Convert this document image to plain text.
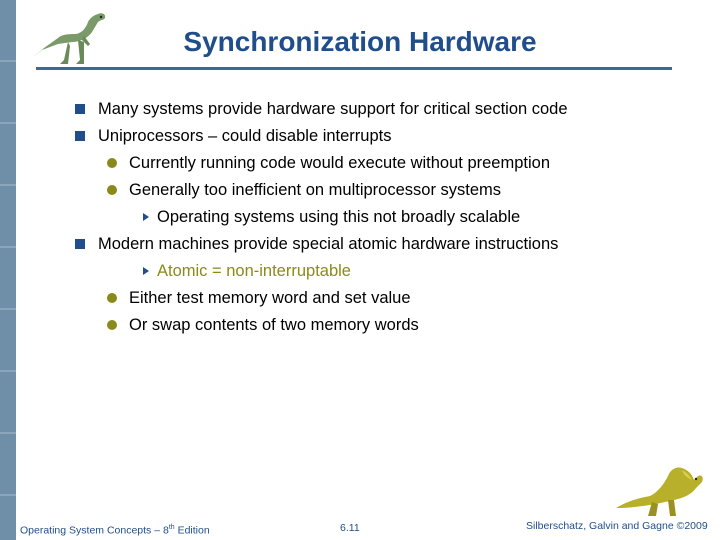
Synchronization Hardware
Many systems provide hardware support for critical section code
Uniprocessors – could disable interrupts
Currently running code would execute without preemption
Generally too inefficient on multiprocessor systems
Operating systems using this not broadly scalable
Modern machines provide special atomic hardware instructions
Atomic = non-interruptable
Either test memory word and set value
Or swap contents of two memory words
Operating System Concepts – 8th Edition	6.11	Silberschatz, Galvin and Gagne ©2009
